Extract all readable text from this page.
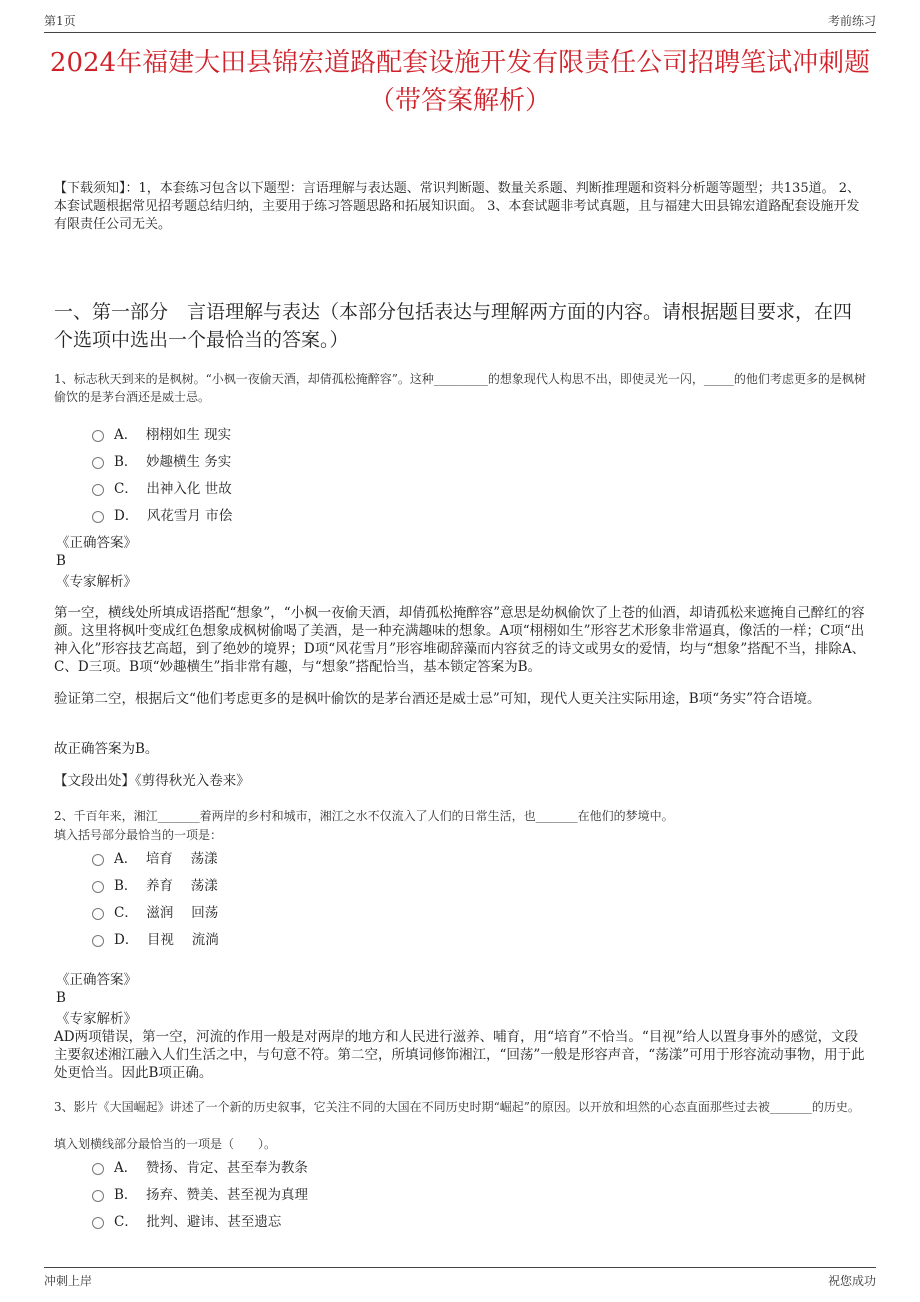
第1页	考前练习
2024年福建大田县锦宏道路配套设施开发有限责任公司招聘笔试冲刺题（带答案解析）
【下载须知】：1，本套练习包含以下题型：言语理解与表达题、常识判断题、数量关系题、判断推理题和资料分析题等题型；共135道。 2、本套试题根据常见招考题总结归纳，主要用于练习答题思路和拓展知识面。 3、本套试题非考试真题，且与福建大田县锦宏道路配套设施开发有限责任公司无关。
一、第一部分　言语理解与表达（本部分包括表达与理解两方面的内容。请根据题目要求，在四个选项中选出一个最恰当的答案。）
1、标志秋天到来的是枫树。“小枫一夜偷天酒，却倩孤松掩醉容”。这种_________的想象现代人构思不出，即使灵光一闪，_____的他们考虑更多的是枫树偷饮的是茅台酒还是威士忌。
A．  栩栩如生 现实
B．  妙趣横生 务实
C．  出神入化 世故
D．  风花雪月 市侩
《正确答案》
B
《专家解析》
第一空，横线处所填成语搭配“想象”，“小枫一夜偷天酒，却倩孤松掩醉容”意思是幼枫偷饮了上苍的仙酒，却请孤松来遮掩自己醉红的容颜。这里将枫叶变成红色想象成枫树偷喝了美酒，是一种充满趣味的想象。A项“栩栩如生”形容艺术形象非常逼真，像活的一样；C项“出神入化”形容技艺高超，到了绝妙的境界；D项“风花雪月”形容堆砌辞藻而内容贫乏的诗文或男女的爱情，均与“想象”搭配不当，排除A、C、D三项。B项“妙趣横生”指非常有趣，与“想象”搭配恰当，基本锁定答案为B。
验证第二空，根据后文“他们考虑更多的是枫叶偷饮的是茅台酒还是威士忌”可知，现代人更关注实际用途，B项“务实”符合语境。
故正确答案为B。
【文段出处】《剪得秋光入卷来》
2、千百年来，湘江_______着两岸的乡村和城市，湘江之水不仅流入了人们的日常生活，也_______在他们的梦境中。
填入括号部分最恰当的一项是：
A．  培育　 荡漾
B．  养育　 荡漾
C．  滋润　 回荡
D．  目视　 流淌
《正确答案》
B
《专家解析》
AD两项错误，第一空，河流的作用一般是对两岸的地方和人民进行滋养、哺育，用“培育”不恰当。“目视”给人以置身事外的感觉，文段主要叙述湘江融入人们生活之中，与句意不符。第二空，所填词修饰湘江，“回荡”一般是形容声音，“荡漾”可用于形容流动事物，用于此处更恰当。因此B项正确。
3、影片《大国崛起》讲述了一个新的历史叙事，它关注不同的大国在不同历史时期“崛起”的原因。以开放和坦然的心态直面那些过去被_______的历史。
填入划横线部分最恰当的一项是（　　）。
A．  赞扬、肯定、甚至奉为教条
B．  扬弃、赞美、甚至视为真理
C．  批判、避讳、甚至遗忘
冲刺上岸	祝您成功
